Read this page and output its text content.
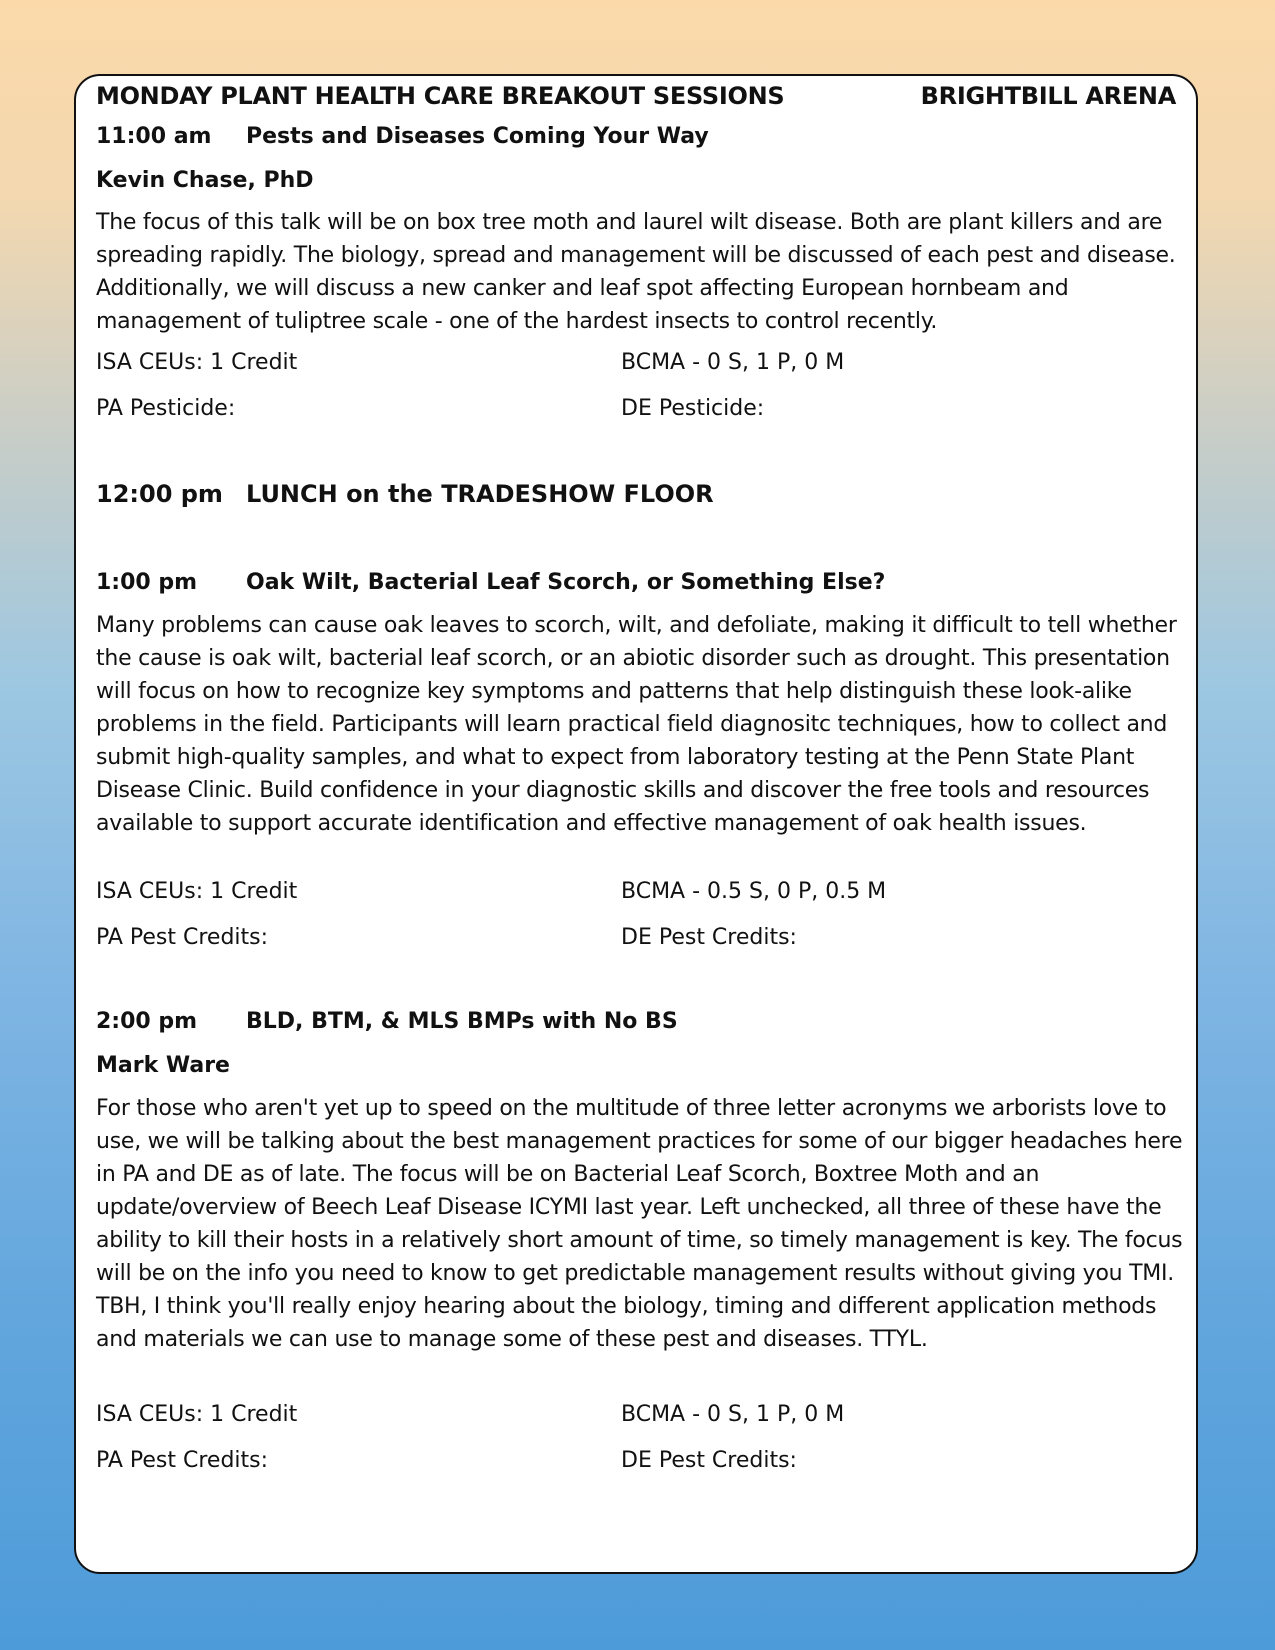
MONDAY PLANT HEALTH CARE BREAKOUT SESSIONS	BRIGHTBILL ARENA
11:00 am Pests and Diseases Coming Your Way
Kevin Chase, PhD
The focus of this talk will be on box tree moth and laurel wilt disease. Both are plant killers and are spreading rapidly. The biology, spread and management will be discussed of each pest and disease. Additionally, we will discuss a new canker and leaf spot affecting European hornbeam and management of tuliptree scale - one of the hardest insects to control recently.
ISA CEUs: 1 Credit	BCMA - 0 S, 1 P, 0 M
PA Pesticide:	DE Pesticide:
12:00 pm LUNCH on the TRADESHOW FLOOR
1:00 pm Oak Wilt, Bacterial Leaf Scorch, or Something Else?
Many problems can cause oak leaves to scorch, wilt, and defoliate, making it difficult to tell whether the cause is oak wilt, bacterial leaf scorch, or an abiotic disorder such as drought. This presentation will focus on how to recognize key symptoms and patterns that help distinguish these look-alike problems in the field. Participants will learn practical field diagnositc techniques, how to collect and submit high-quality samples, and what to expect from laboratory testing at the Penn State Plant Disease Clinic. Build confidence in your diagnostic skills and discover the free tools and resources available to support accurate identification and effective management of oak health issues.
ISA CEUs: 1 Credit	BCMA - 0.5 S, 0 P, 0.5 M
PA Pest Credits:	DE Pest Credits:
2:00 pm BLD, BTM, & MLS BMPs with No BS
Mark Ware
For those who aren't yet up to speed on the multitude of three letter acronyms we arborists love to use, we will be talking about the best management practices for some of our bigger headaches here in PA and DE as of late. The focus will be on Bacterial Leaf Scorch, Boxtree Moth and an update/overview of Beech Leaf Disease ICYMI last year. Left unchecked, all three of these have the ability to kill their hosts in a relatively short amount of time, so timely management is key. The focus will be on the info you need to know to get predictable management results without giving you TMI. TBH, I think you'll really enjoy hearing about the biology, timing and different application methods and materials we can use to manage some of these pest and diseases. TTYL.
ISA CEUs: 1 Credit	BCMA - 0 S, 1 P, 0 M
PA Pest Credits:	DE Pest Credits:
